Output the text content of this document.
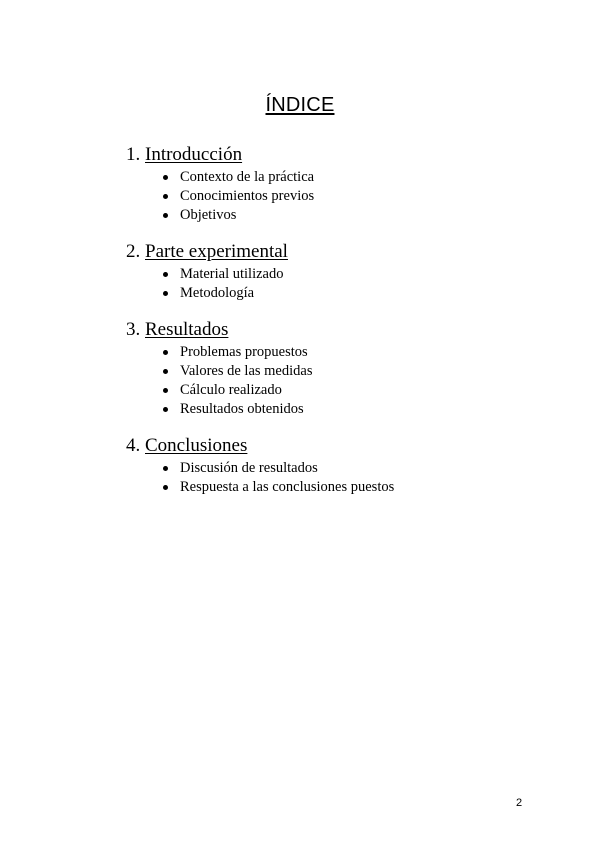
ÍNDICE
1. Introducción
Contexto de la práctica
Conocimientos previos
Objetivos
2. Parte experimental
Material utilizado
Metodología
3. Resultados
Problemas propuestos
Valores de las medidas
Cálculo realizado
Resultados obtenidos
4. Conclusiones
Discusión de resultados
Respuesta a las conclusiones puestos
2
